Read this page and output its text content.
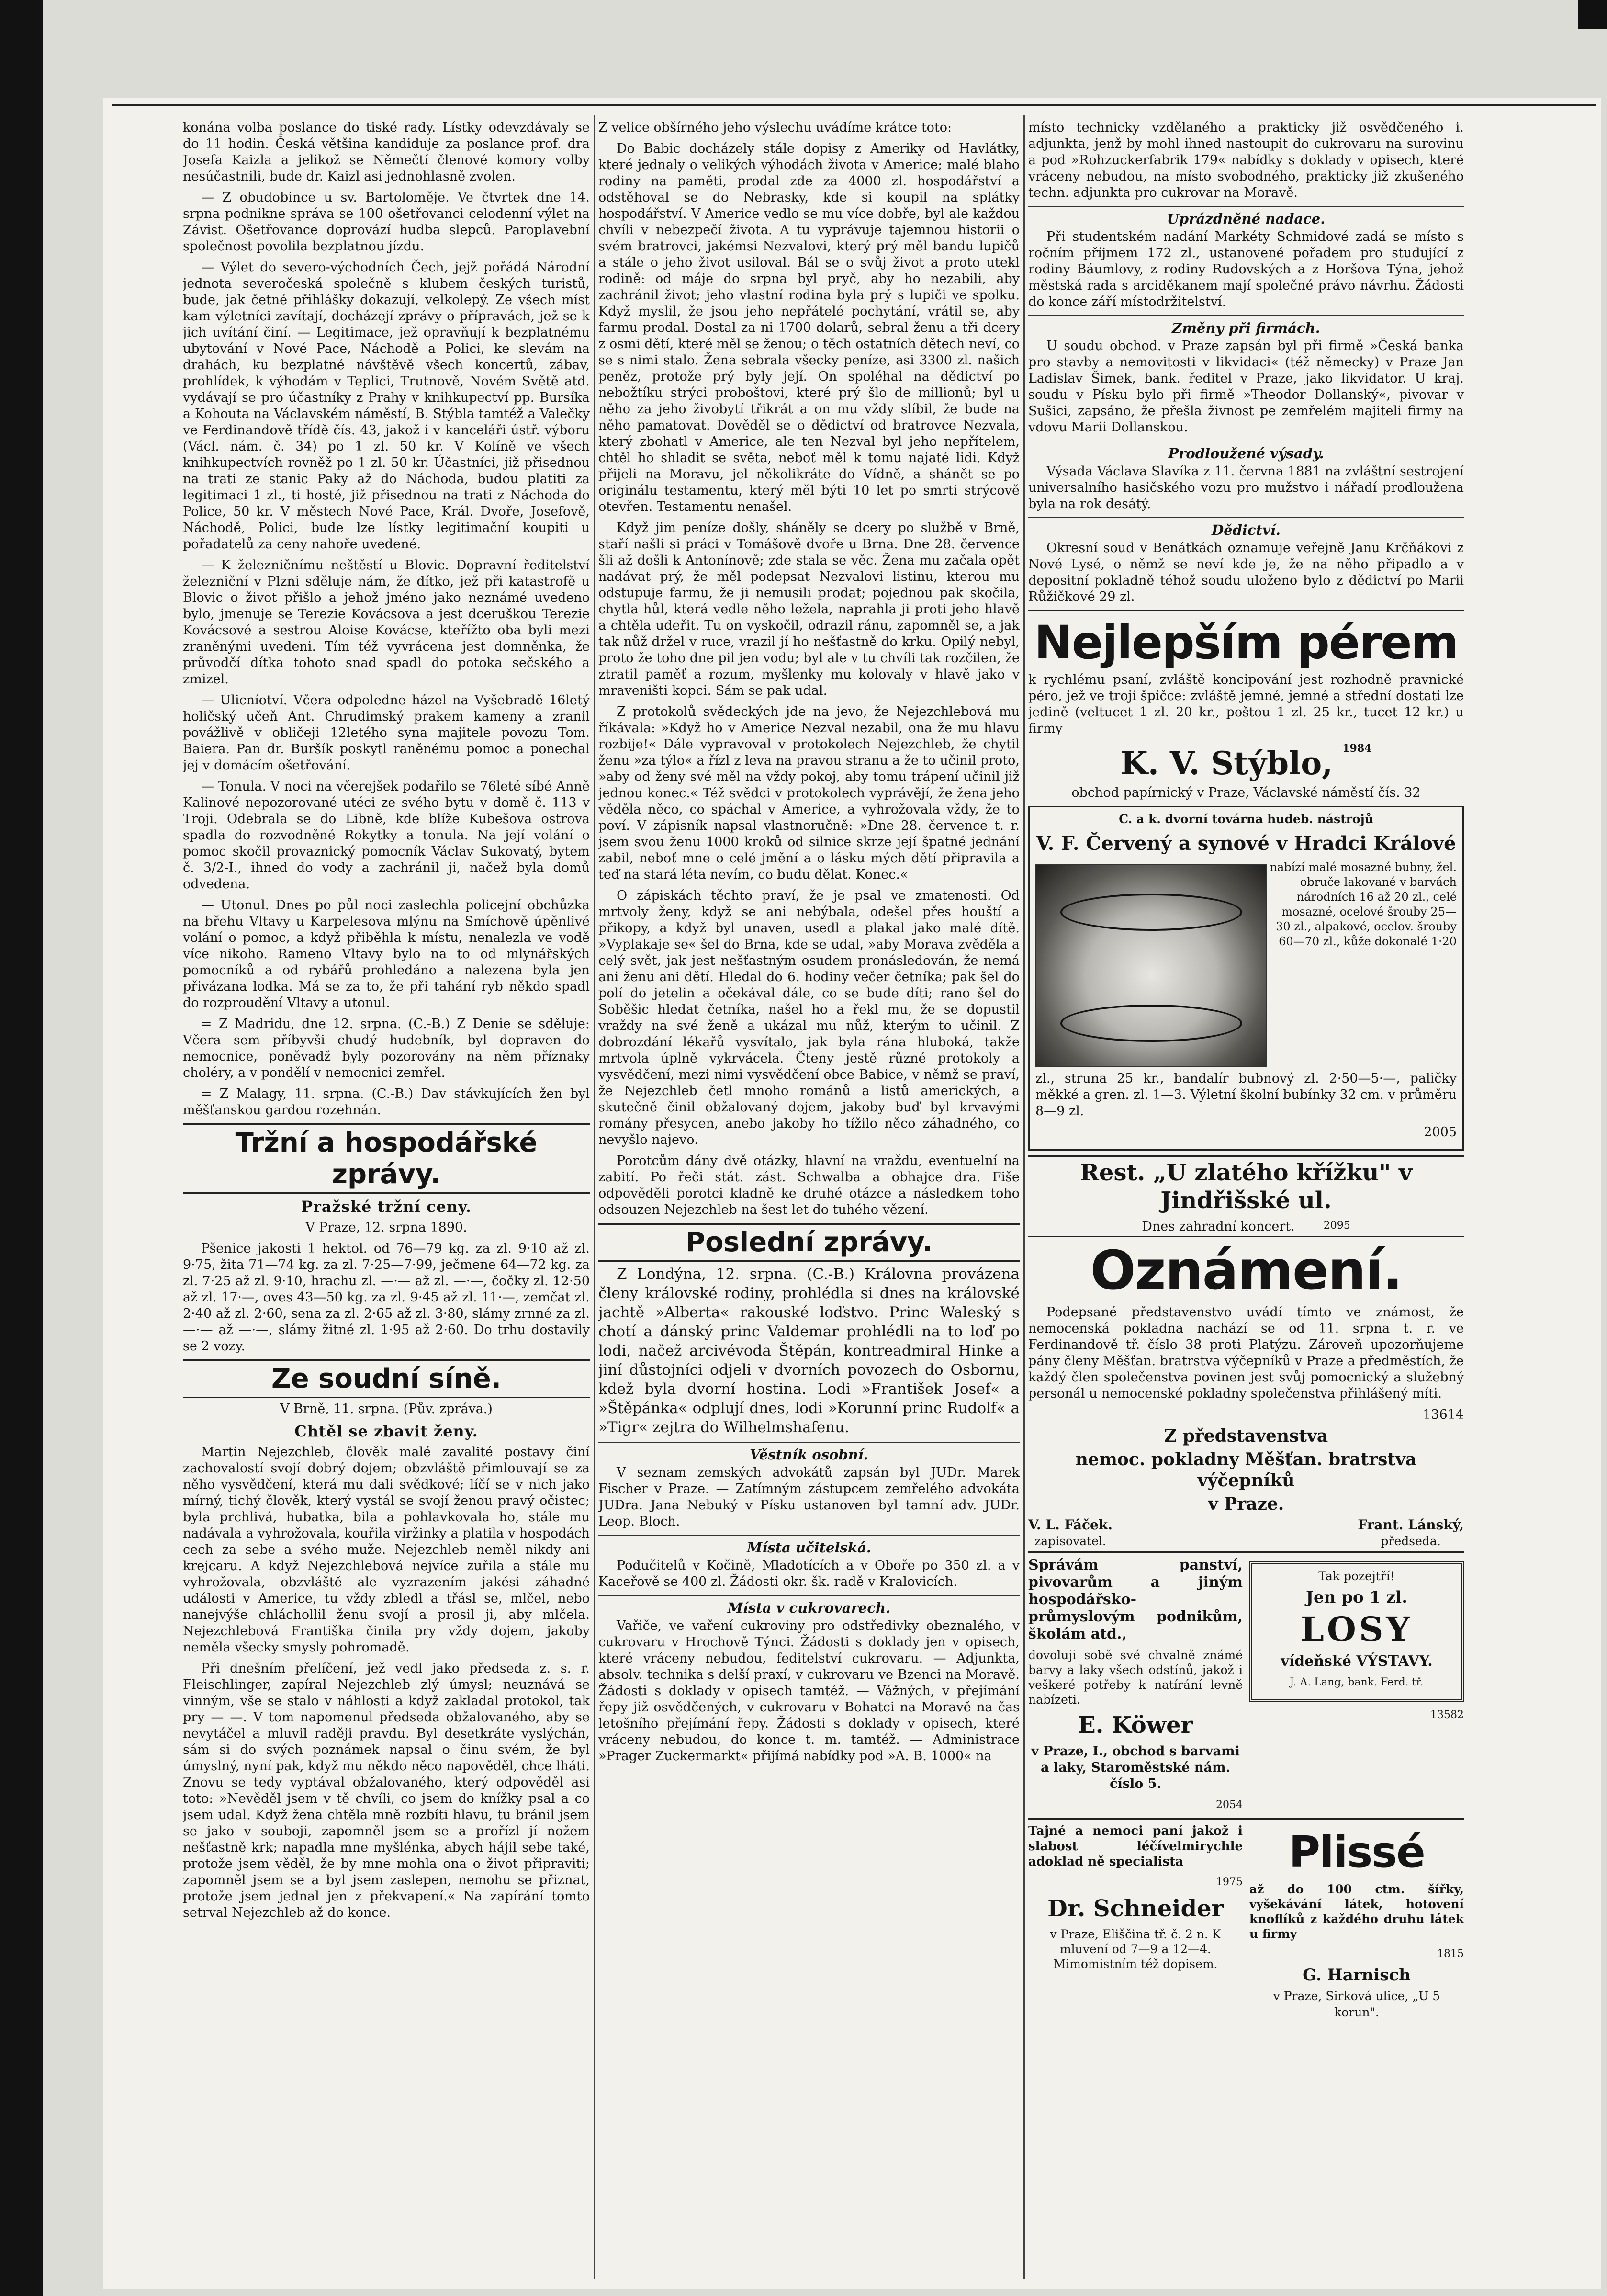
konána volba poslance do tiské rady. Lístky odevzdávaly se do 11 hodin. Česká většina kandiduje za poslance prof. dra Josefa Kaizla a jelikož se Němečtí členové komory volby nesúčastnili, bude dr. Kaizl asi jednohlasně zvolen.

— Z obudobince u sv. Bartoloměje. Ve čtvrtek dne 14. srpna podnikne správa se 100 ošetřovanci celodenní výlet na Závist. Ošetřovance doprovází hudba slepců. Paroplavební společnost povolila bezplatnou jízdu.

— Výlet do severo-východních Čech, jejž pořádá Národní jednota severočeská společně s klubem českých turistů, bude, jak četné přihlášky dokazují, velkolepý. Ze všech míst kam výletníci zavítají, docházejí zprávy o přípravách, jež se k jich uvítání činí. — Legitimace, jež opravňují k bezplatnému ubytování v Nové Pace, Náchodě a Polici, ke slevám na drahách, ku bezplatné návštěvě všech koncertů, zábav, prohlídek, k výhodám v Teplici, Trutnově, Novém Světě atd. vydávají se pro účastníky z Prahy v knihkupectví pp. Bursíka a Kohouta na Václavském náměstí, B. Stýbla tamtéž a Valečky ve Ferdinandově třídě čís. 43, jakož i v kanceláři ústř. výboru (Václ. nám. č. 34) po 1 zl. 50 kr. V Kolíně ve všech knihkupectvích rovněž po 1 zl. 50 kr. Účastníci, již přisednou na trati ze stanic Paky až do Náchoda, budou platiti za legitimaci 1 zl., ti hosté, již přisednou na trati z Náchoda do Police, 50 kr. V městech Nové Pace, Král. Dvoře, Josefově, Náchodě, Polici, bude lze lístky legitimační koupiti u pořadatelů za ceny nahoře uvedené.

— K železničnímu neštěstí u Blovic. Dopravní ředitelství železniční v Plzni sděluje nám, že dítko, jež při katastrofě u Blovic o život přišlo a jehož jméno jako neznámé uvedeno bylo, jmenuje se Terezie Kovácsova a jest dceruškou Terezie Kovácsové a sestrou Aloise Kovácse, kteřížto oba byli mezi zraněnými uvedeni. Tím též vyvrácena jest domněnka, že průvodčí dítka tohoto snad spadl do potoka sečského a zmizel.

— Ulicníotví. Včera odpoledne házel na Vyšebradě 16letý holičský učeň Ant. Chrudimský prakem kameny a zranil povážlivě v obličeji 12letého syna majitele povozu Tom. Baiera. Pan dr. Buršík poskytl raněnému pomoc a ponechal jej v domácím ošetřování.

— Tonula. V noci na včerejšek podařilo se 76leté síbé Anně Kalinové nepozorované utéci ze svého bytu v domě č. 113 v Troji. Odebrala se do Libně, kde blíže Kubešova ostrova spadla do rozvodněné Rokytky a tonula. Na její volání o pomoc skočil provaznický pomocník Václav Sukovatý, bytem č. 3/2-I., ihned do vody a zachránil ji, načež byla domů odvedena.

— Utonul. Dnes po půl noci zaslechla policejní obchůzka na břehu Vltavy u Karpelesova mlýnu na Smíchově úpěnlivé volání o pomoc, a když přiběhla k místu, nenalezla ve vodě více nikoho. Rameno Vltavy bylo na to od mlynářských pomocníků a od rybářů prohledáno a nalezena byla jen přivázana lodka. Má se za to, že při tahání ryb někdo spadl do rozproudění Vltavy a utonul.

= Z Madridu, dne 12. srpna. (C.-B.) Z Denie se sděluje: Včera sem příbyvši chudý hudebník, byl dopraven do nemocnice, poněvadž byly pozorovány na něm příznaky choléry, a v pondělí v nemocnici zemřel.

= Z Malagy, 11. srpna. (C.-B.) Dav stávkujících žen byl měšťanskou gardou rozehnán.

Tržní a hospodářské zprávy.
Pražské tržní ceny.

V Praze, 12. srpna 1890.

Pšenice jakosti 1 hektol. od 76—79 kg. za zl. 9·10 až zl. 9·75, žita 71—74 kg. za zl. 7·25—7·99, ječmene 64—72 kg. za zl. 7·25 až zl. 9·10, hrachu zl. —·— až zl. —·—, čočky zl. 12·50 až zl. 17·—, oves 43—50 kg. za zl. 9·45 až zl. 11·—, zemčat zl. 2·40 až zl. 2·60, sena za zl. 2·65 až zl. 3·80, slámy zrnné za zl. —·— až —·—, slámy žitné zl. 1·95 až 2·60. Do trhu dostavily se 2 vozy.

Ze soudní síně.

V Brně, 11. srpna. (Pův. zpráva.)

Chtěl se zbavit ženy.

Martin Nejezchleb, člověk malé zavalité postavy činí zachovalostí svojí dobrý dojem; obzvláště přimlouvají se za něho vysvědčení, která mu dali svědkové; líčí se v nich jako mírný, tichý člověk, který vystál se svojí ženou pravý očistec; byla prchlivá, hubatka, bila a pohlavkovala ho, stále mu nadávala a vyhrožovala, kouřila viržinky a platila v hospodách cech za sebe a svého muže. Nejezchleb neměl nikdy ani krejcaru. A když Nejezchlebová nejvíce zuřila a stále mu vyhrožovala, obzvláště ale vyzrazením jakési záhadné události v Americe, tu vždy zbledl a třásl se, mlčel, nebo nanejvýše chláchollil ženu svojí a prosil ji, aby mlčela. Nejezchlebová Františka činila pry vždy dojem, jakoby neměla všecky smysly pohromadě.

Při dnešním přelíčení, jež vedl jako předseda z. s. r. Fleischlinger, zapíral Nejezchleb zlý úmysl; neuznává se vinným, vše se stalo v náhlosti a když zakladal protokol, tak pry — —. V tom napomenul předseda obžalovaného, aby se nevytáčel a mluvil raději pravdu. Byl desetkráte vyslýchán, sám si do svých poznámek napsal o činu svém, že byl úmyslný, nyní pak, když mu někdo něco napověděl, chce lháti. Znovu se tedy vyptával obžalovaného, který odpověděl asi toto: »Nevěděl jsem v tě chvíli, co jsem do knížky psal a co jsem udal. Když žena chtěla mně rozbíti hlavu, tu bránil jsem se jako v souboji, zapomněl jsem se a prořízl jí nožem nešťastně krk; napadla mne myšlénka, abych hájil sebe také, protože jsem věděl, že by mne mohla ona o život připraviti; zapomněl jsem se a byl jsem zaslepen, nemohu se přiznat, protože jsem jednal jen z překvapení.« Na zapírání tomto setrval Nejezchleb až do konce.

Z velice obšírného jeho výslechu uvádíme krátce toto:

Do Babic docházely stále dopisy z Ameriky od Havlátky, které jednaly o velikých výhodách života v Americe; malé blaho rodiny na paměti, prodal zde za 4000 zl. hospodářství a odstěhoval se do Nebrasky, kde si koupil na splátky hospodářství. V Americe vedlo se mu více dobře, byl ale každou chvíli v nebezpečí života. A tu vyprávuje tajemnou historii o svém bratrovci, jakémsi Nezvalovi, který prý měl bandu lupičů a stále o jeho život usiloval. Bál se o svůj život a proto utekl rodině: od máje do srpna byl pryč, aby ho nezabili, aby zachránil život; jeho vlastní rodina byla prý s lupiči ve spolku. Když myslil, že jsou jeho nepřátelé pochytání, vrátil se, aby farmu prodal. Dostal za ni 1700 dolarů, sebral ženu a tři dcery z osmi dětí, které měl se ženou; o těch ostatních dětech neví, co se s nimi stalo. Žena sebrala všecky peníze, asi 3300 zl. našich peněz, protože prý byly její. On spoléhal na dědictví po nebožtíku strýci proboštovi, které prý šlo de millionů; byl u něho za jeho živobytí třikrát a on mu vždy slíbil, že bude na něho pamatovat. Dověděl se o dědictví od bratrovce Nezvala, který zbohatl v Americe, ale ten Nezval byl jeho nepřítelem, chtěl ho shladit se světa, neboť měl k tomu najaté lidi. Když přijeli na Moravu, jel několikráte do Vídně, a shánět se po originálu testamentu, který měl býti 10 let po smrti strýcově otevřen. Testamentu nenašel.

Když jim peníze došly, sháněly se dcery po službě v Brně, staří našli si práci v Tomášově dvoře u Brna. Dne 28. července šli až došli k Antonínově; zde stala se věc. Žena mu začala opět nadávat prý, že měl podepsat Nezvalovi listinu, kterou mu odstupuje farmu, že ji nemusili prodat; pojednou pak skočila, chytla hůl, která vedle něho ležela, naprahla ji proti jeho hlavě a chtěla udeřit. Tu on vyskočil, odrazil ránu, zapomněl se, a jak tak nůž držel v ruce, vrazil jí ho nešťastně do krku. Opilý nebyl, proto že toho dne pil jen vodu; byl ale v tu chvíli tak rozčilen, že ztratil paměť a rozum, myšlenky mu kolovaly v hlavě jako v mraveništi kopci. Sám se pak udal.

Z protokolů svědeckých jde na jevo, že Nejezchlebová mu říkávala: »Když ho v Americe Nezval nezabil, ona že mu hlavu rozbije!« Dále vypravoval v protokolech Nejezchleb, že chytil ženu »za týlo« a řízl z leva na pravou stranu a že to učinil proto, »aby od ženy své měl na vždy pokoj, aby tomu trápení učinil již jednou konec.« Též svědci v protokolech vyprávějí, že žena jeho věděla něco, co spáchal v Americe, a vyhrožovala vždy, že to poví. V zápisník napsal vlastnoručně: »Dne 28. července t. r. jsem svou ženu 1000 kroků od silnice skrze její špatné jednání zabil, neboť mne o celé jmění a o lásku mých dětí připravila a teď na stará léta nevím, co budu dělat. Konec.«

O zápiskách těchto praví, že je psal ve zmatenosti. Od mrtvoly ženy, když se ani nebýbala, odešel přes houští a přikopy, a když byl unaven, usedl a plakal jako malé dítě. »Vyplakaje se« šel do Brna, kde se udal, »aby Morava zvěděla a celý svět, jak jest nešťastným osudem pronásledován, že nemá ani ženu ani dětí. Hledal do 6. hodiny večer četníka; pak šel do polí do jetelin a očekával dále, co se bude díti; rano šel do Soběšic hledat četníka, našel ho a řekl mu, že se dopustil vraždy na své ženě a ukázal mu nůž, kterým to učinil. Z dobrozdání lékařů vysvítalo, jak byla rána hluboká, takže mrtvola úplně vykrvácela. Čteny jestě různé protokoly a vysvědčení, mezi nimi vysvědčení obce Babice, v němž se praví, že Nejezchleb četl mnoho románů a listů amerických, a skutečně činil obžalovaný dojem, jakoby buď byl krvavými romány přesycen, anebo jakoby ho tížilo něco záhadného, co nevyšlo najevo.

Porotcům dány dvě otázky, hlavní na vraždu, eventuelní na zabití. Po řeči stát. zást. Schwalba a obhajce dra. Fiše odpověděli porotci kladně ke druhé otázce a následkem toho odsouzen Nejezchleb na šest let do tuhého vězení.

Poslední zprávy.

Z Londýna, 12. srpna. (C.-B.) Královna provázena členy královské rodiny, prohlédla si dnes na královské jachtě »Alberta« rakouské loďstvo. Princ Waleský s chotí a dánský princ Valdemar prohlédli na to loď po lodi, načež arcivévoda Štěpán, kontreadmiral Hinke a jiní důstojníci odjeli v dvorních povozech do Osbornu, kdež byla dvorní hostina. Lodi »František Josef« a »Štěpánka« odplují dnes, lodi »Korunní princ Rudolf« a »Tigr« zejtra do Wilhelmshafenu.

Věstník osobní.

V seznam zemských advokátů zapsán byl JUDr. Marek Fischer v Praze. — Zatímným zástupcem zemřelého advokáta JUDra. Jana Nebuký v Písku ustanoven byl tamní adv. JUDr. Leop. Bloch.

Místa učitelská.

Podučitelů v Kočině, Mladotících a v Oboře po 350 zl. a v Kaceřově se 400 zl. Žádosti okr. šk. radě v Kralovicích.

Místa v cukrovarech.

Vařiče, ve vaření cukroviny pro odstředivky obeznalého, v cukrovaru v Hrochově Týnci. Žádosti s doklady jen v opisech, které vráceny nebudou, feditelství cukrovaru. — Adjunkta, absolv. technika s delší praxí, v cukrovaru ve Bzenci na Moravě. Žádosti s doklady v opisech tamtéž. — Vážných, v přejímání řepy již osvědčených, v cukrovaru v Bohatci na Moravě na čas letošního přejímání řepy. Žádosti s doklady v opisech, které vráceny nebudou, do konce t. m. tamtéž. — Administrace »Prager Zuckermarkt« přijímá nabídky pod »A. B. 1000« na

místo technicky vzdělaného a prakticky již osvědčeného i. adjunkta, jenž by mohl ihned nastoupit do cukrovaru na surovinu a pod »Rohzuckerfabrik 179« nabídky s doklady v opisech, které vráceny nebudou, na místo svobodného, prakticky již zkušeného techn. adjunkta pro cukrovar na Moravě.

Uprázdněné nadace.

Při studentském nadání Markéty Schmidové zadá se místo s ročním příjmem 172 zl., ustanovené pořadem pro studující z rodiny Báumlovy, z rodiny Rudovských a z Horšova Týna, jehož městská rada s arciděkanem mají společné právo návrhu. Žádosti do konce září místodržitelství.

Změny při firmách.

U soudu obchod. v Praze zapsán byl při firmě »Česká banka pro stavby a nemovitosti v likvidaci« (též německy) v Praze Jan Ladislav Šimek, bank. ředitel v Praze, jako likvidator. U kraj. soudu v Písku bylo při firmě »Theodor Dollanský«, pivovar v Sušici, zapsáno, že přešla živnost pe zemřelém majiteli firmy na vdovu Marii Dollanskou.

Prodloužené výsady.

Výsada Václava Slavíka z 11. června 1881 na zvláštní sestrojení universalního hasičského vozu pro mužstvo i nářadí prodloužena byla na rok desátý.

Dědictví.

Okresní soud v Benátkách oznamuje veřejně Janu Krčňákovi z Nové Lysé, o němž se neví kde je, že na něho připadlo a v depositní pokladně téhož soudu uloženo bylo z dědictví po Marii Růžičkové 29 zl.

Nejlepším pérem

k rychlému psaní, zvláště koncipování jest rozhodně pravnické péro, jež ve trojí špičce: zvláště jemné, jemné a střední dostati lze jedině (veltucet 1 zl. 20 kr., poštou 1 zl. 25 kr., tucet 12 kr.) u firmy

K. V. Stýblo, 1984

obchod papírnický v Praze, Václavské náměstí čís. 32

C. a k. dvorní továrna hudeb. nástrojů

V. F. Červený a synové v Hradci Králové

nabízí malé mosazné bubny, žel. obruče lakované v barvách národních 16 až 20 zl., celé mosazné, ocelové šrouby 25—30 zl., alpakové, ocelov. šrouby 60—70 zl., kůže dokonalé 1·20

zl., struna 25 kr., bandalír bubnový zl. 2·50—5·—, paličky měkké a gren. zl. 1—3. Výletní školní bubínky 32 cm. v průměru 8—9 zl.

2005

Rest. „U zlatého křížku" v Jindřišské ul.

Dnes zahradní koncert.	2095
Oznámení.

Podepsané představenstvo uvádí tímto ve známost, že nemocenská pokladna nachází se od 11. srpna t. r. ve Ferdinandově tř. číslo 38 proti Platýzu. Zároveň upozorňujeme pány členy Měšťan. bratrstva výčepníků v Praze a předměstích, že každý člen společenstva povinen jest svůj pomocnický a služebný personál u nemocenské pokladny společenstva přihlášený míti.

13614

Z představenstva

nemoc. pokladny Měšťan. bratrstva výčepníků

v Praze.

V. L. Fáček.
zapisovatel.
Frant. Lánský,
předseda.

Správám panství, pivovarům a jiným hospodářsko-průmyslovým podnikům, školám atd.,

dovoluji sobě své chvalně známé barvy a laky všech odstínů, jakož i veškeré potřeby k natírání levně nabízeti.

E. Köwer

v Praze, I., obchod s barvami a laky, Staroměstské nám. číslo 5.

2054

Tak pozejtří!

Jen po 1 zl.

LOSY

vídeňské VÝSTAVY.

J. A. Lang, bank. Ferd. tř.

13582

Tajné a nemoci paní jakož i slabost léčívelmirychle adoklad ně specialista

1975

Dr. Schneider

v Praze, Eliščina tř. č. 2 n. K mluvení od 7—9 a 12—4. Mimomistním též dopisem.

Plissé

až do 100 ctm. šířky, vyšekávání látek, hotovení knoflíků z každého druhu látek u firmy

1815

G. Harnisch

v Praze, Sirková ulice, „U 5 korun".
